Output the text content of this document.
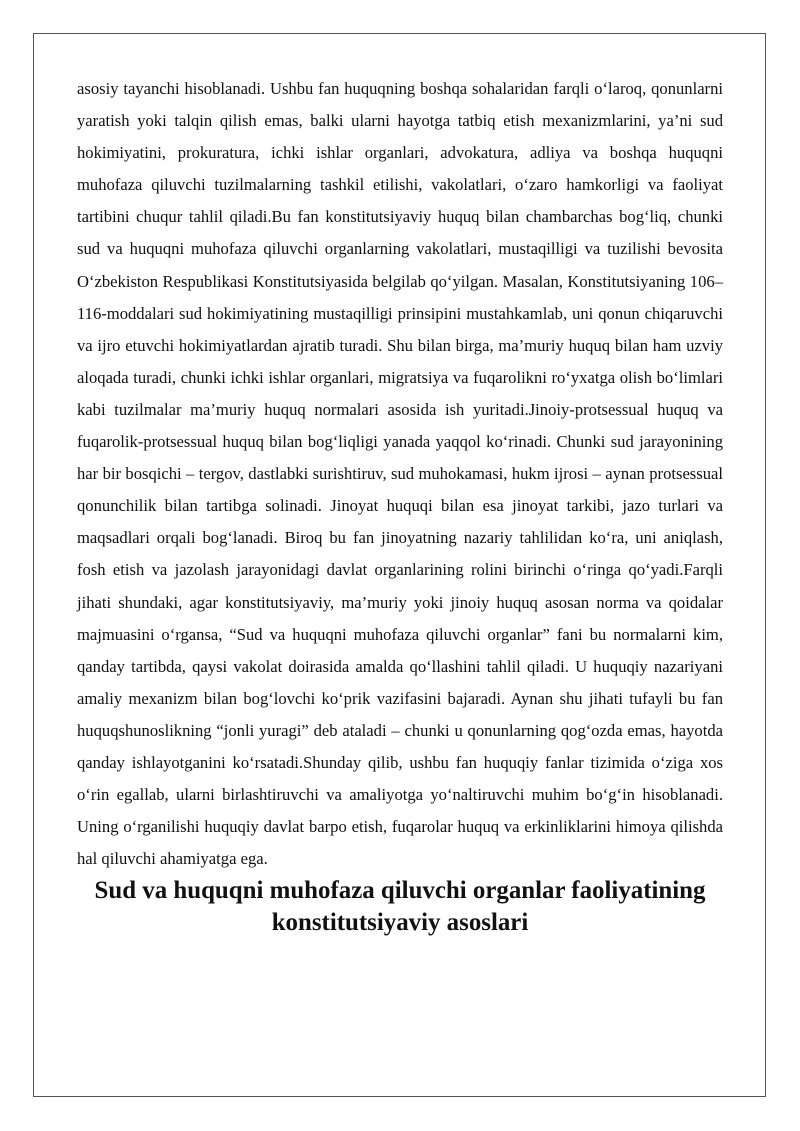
asosiy tayanchi hisoblanadi. Ushbu fan huquqning boshqa sohalaridan farqli o‘laroq, qonunlarni yaratish yoki talqin qilish emas, balki ularni hayotga tatbiq etish mexanizmlarini, ya’ni sud hokimiyatini, prokuratura, ichki ishlar organlari, advokatura, adliya va boshqa huquqni muhofaza qiluvchi tuzilmalarning tashkil etilishi, vakolatlari, o‘zaro hamkorligi va faoliyat tartibini chuqur tahlil qiladi.Bu fan konstitutsiyaviy huquq bilan chambarchas bog‘liq, chunki sud va huquqni muhofaza qiluvchi organlarning vakolatlari, mustaqilligi va tuzilishi bevosita O‘zbekiston Respublikasi Konstitutsiyasida belgilab qo‘yilgan. Masalan, Konstitutsiyaning 106–116-moddalari sud hokimiyatining mustaqilligi prinsipini mustahkamlab, uni qonun chiqaruvchi va ijro etuvchi hokimiyatlardan ajratib turadi. Shu bilan birga, ma’muriy huquq bilan ham uzviy aloqada turadi, chunki ichki ishlar organlari, migratsiya va fuqarolikni ro‘yxatga olish bo‘limlari kabi tuzilmalar ma’muriy huquq normalari asosida ish yuritadi.Jinoiy-protsessual huquq va fuqarolik-protsessual huquq bilan bog‘liqligi yanada yaqqol ko‘rinadi. Chunki sud jarayonining har bir bosqichi – tergov, dastlabki surishtiruv, sud muhokamasi, hukm ijrosi – aynan protsessual qonunchilik bilan tartibga solinadi. Jinoyat huquqi bilan esa jinoyat tarkibi, jazo turlari va maqsadlari orqali bog‘lanadi. Biroq bu fan jinoyatning nazariy tahlilidan ko‘ra, uni aniqlash, fosh etish va jazolash jarayonidagi davlat organlarining rolini birinchi o‘ringa qo‘yadi.Farqli jihati shundaki, agar konstitutsiyaviy, ma’muriy yoki jinoiy huquq asosan norma va qoidalar majmuasini o‘rgansa, “Sud va huquqni muhofaza qiluvchi organlar” fani bu normalarni kim, qanday tartibda, qaysi vakolat doirasida amalda qo‘llashini tahlil qiladi. U huquqiy nazariyani amaliy mexanizm bilan bog‘lovchi ko‘prik vazifasini bajaradi. Aynan shu jihati tufayli bu fan huquqshunoslikning “jonli yuragi” deb ataladi – chunki u qonunlarning qog‘ozda emas, hayotda qanday ishlayotganini ko‘rsatadi.Shunday qilib, ushbu fan huquqiy fanlar tizimida o‘ziga xos o‘rin egallab, ularni birlashtiruvchi va amaliyotga yo‘naltiruvchi muhim bo‘g‘in hisoblanadi. Uning o‘rganilishi huquqiy davlat barpo etish, fuqarolar huquq va erkinliklarini himoya qilishda hal qiluvchi ahamiyatga ega.

Sud va huquqni muhofaza qiluvchi organlar faoliyatining konstitutsiyaviy asoslari
